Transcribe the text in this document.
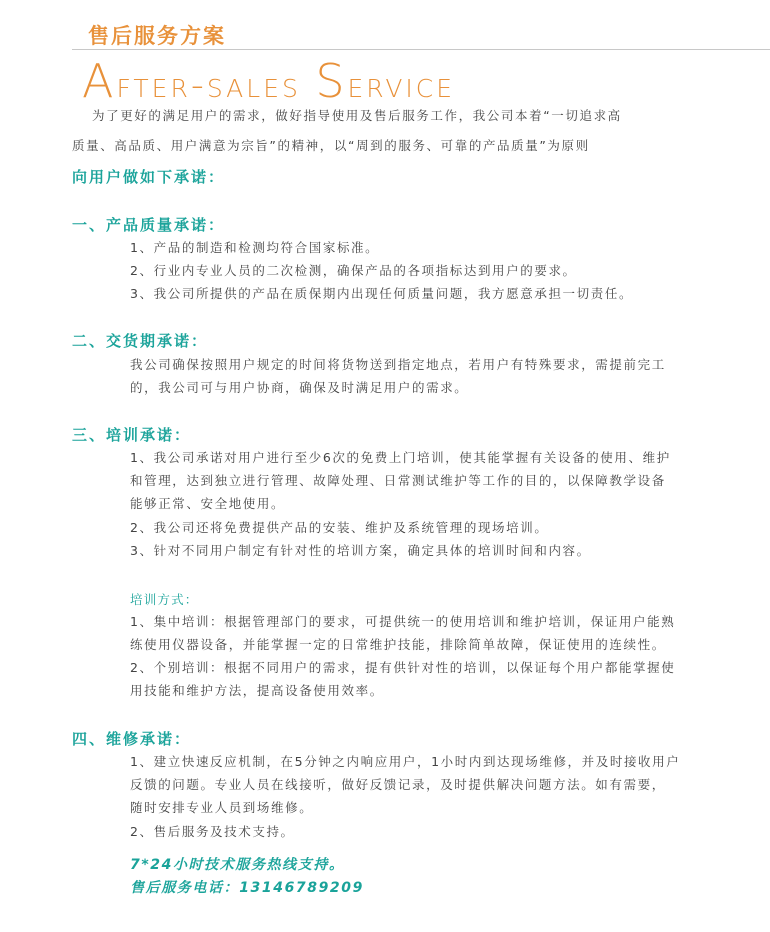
售后服务方案
After-sales Service
为了更好的满足用户的需求，做好指导使用及售后服务工作，我公司本着“一切追求高
质量、高品质、用户满意为宗旨”的精神，以“周到的服务、可靠的产品质量”为原则
向用户做如下承诺：
一、产品质量承诺：
1、产品的制造和检测均符合国家标准。
2、行业内专业人员的二次检测，确保产品的各项指标达到用户的要求。
3、我公司所提供的产品在质保期内出现任何质量问题，我方愿意承担一切责任。
二、交货期承诺：
我公司确保按照用户规定的时间将货物送到指定地点，若用户有特殊要求，需提前完工
的，我公司可与用户协商，确保及时满足用户的需求。
三、培训承诺：
1、我公司承诺对用户进行至少6次的免费上门培训，使其能掌握有关设备的使用、维护
和管理，达到独立进行管理、故障处理、日常测试维护等工作的目的，以保障教学设备
能够正常、安全地使用。
2、我公司还将免费提供产品的安装、维护及系统管理的现场培训。
3、针对不同用户制定有针对性的培训方案，确定具体的培训时间和内容。
培训方式：
1、集中培训：根据管理部门的要求，可提供统一的使用培训和维护培训，保证用户能熟
练使用仪器设备，并能掌握一定的日常维护技能，排除简单故障，保证使用的连续性。
2、个别培训：根据不同用户的需求，提有供针对性的培训，以保证每个用户都能掌握使
用技能和维护方法，提高设备使用效率。
四、维修承诺：
1、建立快速反应机制，在5分钟之内响应用户，1小时内到达现场维修，并及时接收用户
反馈的问题。专业人员在线接听，做好反馈记录，及时提供解决问题方法。如有需要，
随时安排专业人员到场维修。
2、售后服务及技术支持。
7*24小时技术服务热线支持。
售后服务电话：13146789209
